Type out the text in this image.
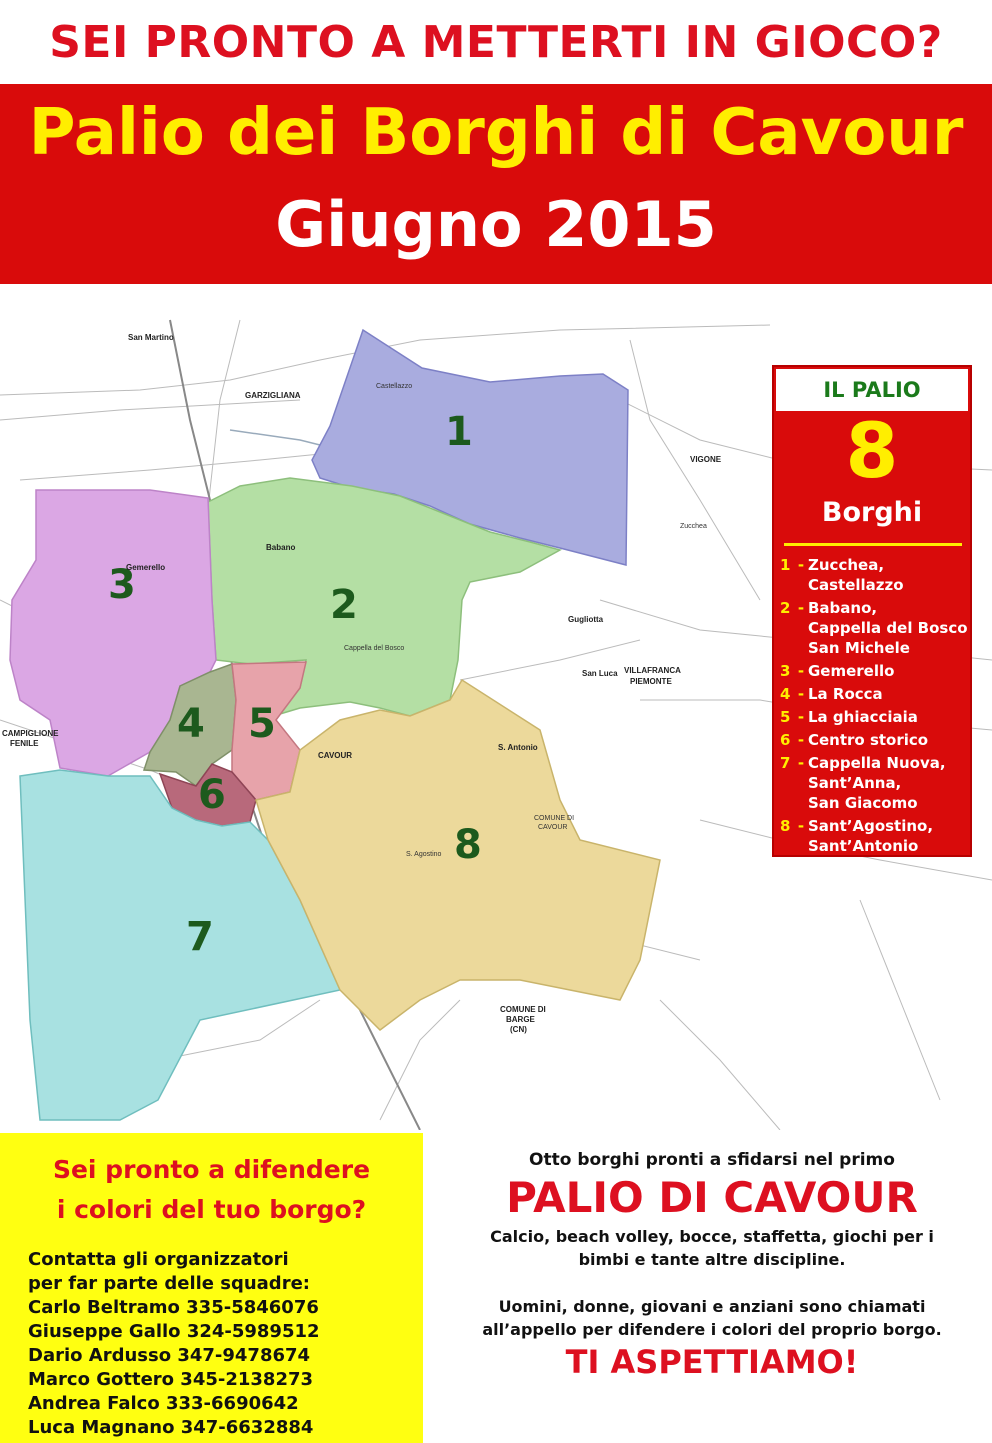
SEI PRONTO A METTERTI IN GIOCO?
Palio dei Borghi di Cavour
Giugno 2015
1
2
3
4 5
6
7
8
GARZIGLIANA
VIGONE
CAVOUR
CAMPIGLIONE
FENILE
VILLAFRANCA
PIEMONTE
COMUNE DI
BARGE
(CN)
COMUNE DI
CAVOUR
San Luca
S. Antonio
S. Agostino
Zucchea
Babano
Gemerello
Castellazzo
Cappella del Bosco
Gugliotta
San Martino
IL PALIO
8
Borghi
1 - Zucchea,
Castellazzo
2 - Babano,
Cappella del Bosco
San Michele
3 - Gemerello
4 - La Rocca
5 - La ghiacciaia
6 - Centro storico
7 - Cappella Nuova,
Sant’Anna,
San Giacomo
8 - Sant’Agostino,
Sant’Antonio
Sei pronto a difendere
i colori del tuo borgo?
Contatta gli organizzatori
per far parte delle squadre:
Carlo Beltramo 335-5846076
Giuseppe Gallo 324-5989512
Dario Ardusso 347-9478674
Marco Gottero 345-2138273
Andrea Falco 333-6690642
Luca Magnano 347-6632884
Otto borghi pronti a sfidarsi nel primo
PALIO DI CAVOUR
Calcio, beach volley, bocce, staffetta, giochi per i
bimbi e tante altre discipline.
Uomini, donne, giovani e anziani sono chiamati
all’appello per difendere i colori del proprio borgo.
TI ASPETTIAMO!
